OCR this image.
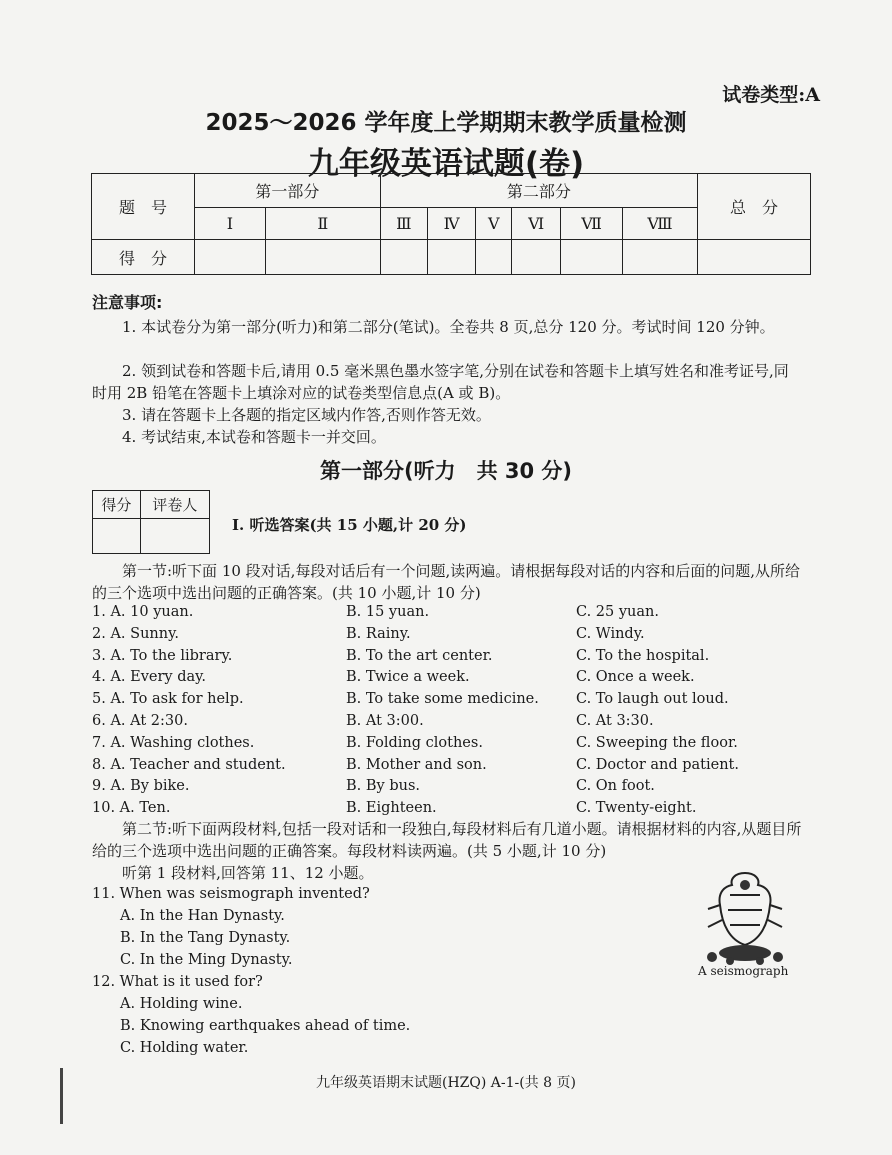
试卷类型:A
2025～2026 学年度上学期期末教学质量检测
九年级英语试题(卷)
题　号	第一部分		第二部分						总　分
	Ⅰ	Ⅱ	Ⅲ	Ⅳ	Ⅴ	Ⅵ	Ⅶ	Ⅷ	
得　分									
注意事项:
1. 本试卷分为第一部分(听力)和第二部分(笔试)。全卷共 8 页,总分 120 分。考试时间 120 分钟。
2. 领到试卷和答题卡后,请用 0.5 毫米黑色墨水签字笔,分别在试卷和答题卡上填写姓名和准考证号,同时用 2B 铅笔在答题卡上填涂对应的试卷类型信息点(A 或 B)。
3. 请在答题卡上各题的指定区域内作答,否则作答无效。
4. 考试结束,本试卷和答题卡一并交回。
第一部分(听力　共 30 分)
得分	评卷人

Ⅰ. 听选答案(共 15 小题,计 20 分)
第一节:听下面 10 段对话,每段对话后有一个问题,读两遍。请根据每段对话的内容和后面的问题,从所给的三个选项中选出问题的正确答案。(共 10 小题,计 10 分)
1. A. 10 yuan.	B. 15 yuan.	C. 25 yuan.
2. A. Sunny.	B. Rainy.	C. Windy.
3. A. To the library.	B. To the art center.	C. To the hospital.
4. A. Every day.	B. Twice a week.	C. Once a week.
5. A. To ask for help.	B. To take some medicine.	C. To laugh out loud.
6. A. At 2:30.	B. At 3:00.	C. At 3:30.
7. A. Washing clothes.	B. Folding clothes.	C. Sweeping the floor.
8. A. Teacher and student.	B. Mother and son.	C. Doctor and patient.
9. A. By bike.	B. By bus.	C. On foot.
10. A. Ten.	B. Eighteen.	C. Twenty-eight.
第二节:听下面两段材料,包括一段对话和一段独白,每段材料后有几道小题。请根据材料的内容,从题目所给的三个选项中选出问题的正确答案。每段材料读两遍。(共 5 小题,计 10 分)
听第 1 段材料,回答第 11、12 小题。
11. When was seismograph invented?
A. In the Han Dynasty.
B. In the Tang Dynasty.
C. In the Ming Dynasty.
12. What is it used for?
A. Holding wine.
B. Knowing earthquakes ahead of time.
C. Holding water.
A seismograph
九年级英语期末试题(HZQ) A-1-(共 8 页)
